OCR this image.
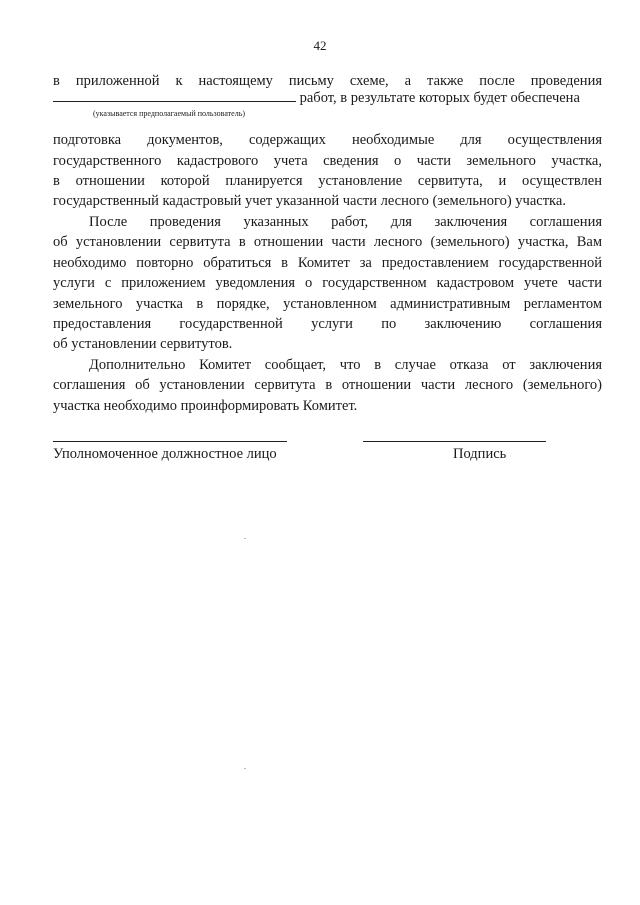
42
в приложенной к настоящему письму схеме, а также после проведения
работ, в результате которых будет обеспечена
(указывается предполагаемый пользователь)
подготовка документов, содержащих необходимые для осуществления
государственного кадастрового учета сведения о части земельного участка,
в отношении которой планируется установление сервитута, и осуществлен
государственный кадастровый учет указанной части лесного (земельного) участка.
После проведения указанных работ, для заключения соглашения
об установлении сервитута в отношении части лесного (земельного) участка, Вам
необходимо повторно обратиться в Комитет за предоставлением государственной
услуги с приложением уведомления о государственном кадастровом учете части
земельного участка в порядке, установленном административным регламентом
предоставления государственной услуги по заключению соглашения
об установлении сервитутов.
Дополнительно Комитет сообщает, что в случае отказа от заключения
соглашения об установлении сервитута в отношении части лесного (земельного)
участка необходимо проинформировать Комитет.
Уполномоченное должностное лицо	Подпись
